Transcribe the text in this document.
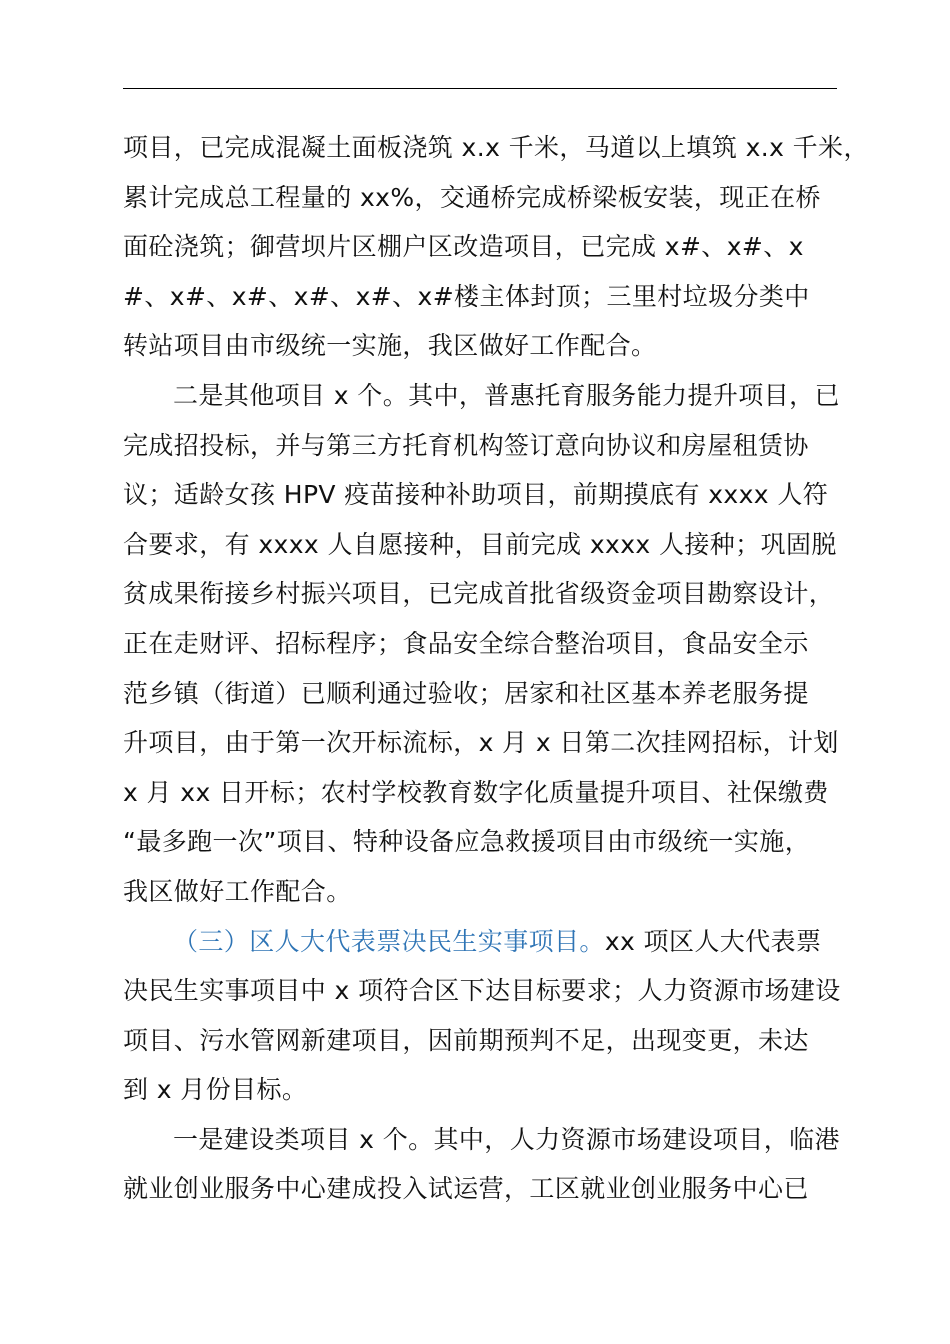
项目，已完成混凝土面板浇筑 x.x 千米，马道以上填筑 x.x 千米，
累计完成总工程量的 xx%，交通桥完成桥梁板安装，现正在桥
面砼浇筑；御营坝片区棚户区改造项目，已完成 x#、x#、x
#、x#、x#、x#、x#、x#楼主体封顶；三里村垃圾分类中
转站项目由市级统一实施，我区做好工作配合。
二是其他项目 x 个。其中，普惠托育服务能力提升项目，已
完成招投标，并与第三方托育机构签订意向协议和房屋租赁协
议；适龄女孩 HPV 疫苗接种补助项目，前期摸底有 xxxx 人符
合要求，有 xxxx 人自愿接种，目前完成 xxxx 人接种；巩固脱
贫成果衔接乡村振兴项目，已完成首批省级资金项目勘察设计，
正在走财评、招标程序；食品安全综合整治项目，食品安全示
范乡镇（街道）已顺利通过验收；居家和社区基本养老服务提
升项目，由于第一次开标流标，x 月 x 日第二次挂网招标，计划
x 月 xx 日开标；农村学校教育数字化质量提升项目、社保缴费
“最多跑一次”项目、特种设备应急救援项目由市级统一实施，
我区做好工作配合。
（三）区人大代表票决民生实事项目。xx 项区人大代表票
决民生实事项目中 x 项符合区下达目标要求；人力资源市场建设
项目、污水管网新建项目，因前期预判不足，出现变更，未达
到 x 月份目标。
一是建设类项目 x 个。其中，人力资源市场建设项目，临港
就业创业服务中心建成投入试运营，工区就业创业服务中心已
